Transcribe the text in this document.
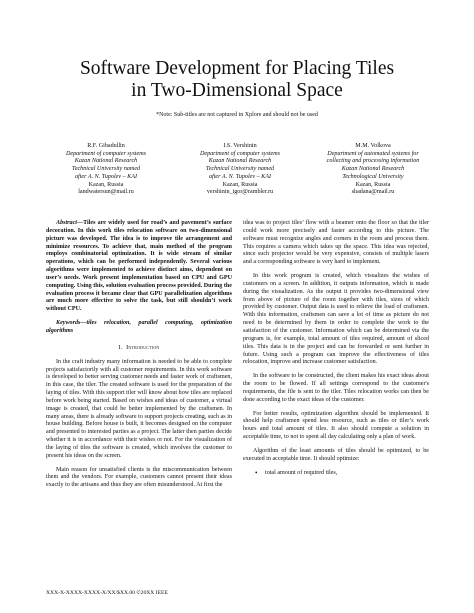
Software Development for Placing Tiles
in Two-Dimensional Space
*Note: Sub-titles are not captured in Xplore and should not be used
R.F. Gibadullin
Department of computer systems
Kazan National Research
Technical University named
after A. N. Tupolev – KAI
Kazan, Russia
landwatersun@mail.ru
I.S. Vershinin
Department of computer systems
Kazan National Research
Technical University named
after A. N. Tupolev – KAI
Kazan, Russia
vershinin_igor@rambler.ru
M.M. Volkova
Department of automated systems for
collecting and processing information
Kazan National Research
Technological University
Kazan, Russia
shadana@mail.ru

Abstract—Tiles are widely used for road’s and pavement’s surface decoration. In this work tiles relocation software on two-dimensional picture was developed. The idea is to improve tile arrangement and minimize resources. To achieve that, main method of the program employs combinatorial optimization. It is wide stream of similar operations, which can be performed independently. Several various algorithms were implemented to achieve distinct aims, dependent on user’s needs. Work present implementation based on CPU and GPU computing. Using this, solution evaluation process provided. During the evaluation process it became clear that GPU parallelization algorithms are much more effective to solve the task, but still shouldn’t work without CPU.

Keywords—tiles relocation, parallel computing, optimization algorithms

I. Introduction

In the craft industry many information is needed to be able to complete projects satisfactorily with all customer requirements. In this work software is developed to better serving customer needs and faster work of craftsmen, in this case, the tiler. The created software is used for the preparation of the laying of tiles. With this support tiler will know about how tiles are replaced before work being started. Based on wishes and ideas of customer, a virtual image is created, that could be better implemented by the craftsmen. In many areas, there is already software to support projects creating, such as in house building. Before house is built, it becomes designed on the computer and presented to interested parties as a project. The latter then parties decide whether it is in accordance with their wishes or not. For the visualization of the laying of tiles the software is created, which involves the customer to present his ideas on the screen.

Main reason for unsatisfied clients is the miscommunication between them and the vendors. For example, customers cannot present their ideas exactly to the artisans and thus they are often misunderstood. At first the

idea was to project tiles’ flow with a beamer onto the floor so that the tiler could work more precisely and faster according to this picture. The software must recognize angles and corners in the room and process them. This requires a camera which takes up the space. This idea was rejected, since such projector would be very expensive, consists of multiple lasers and a corresponding software is very hard to implement.

In this work program is created, which visualizes the wishes of customers on a screen. In addition, it outputs information, which is made during the visualization. As the output it provides two-dimensional view from above of picture of the room together with tiles, sizes of which provided by customer. Output data is used to relieve the load of craftsmen. With this information, craftsmen can save a lot of time as picture do not need to be determined by them in order to complete the work to the satisfaction of the customer. Information which can be determined via the program is, for example, total amount of tiles required, amount of sliced tiles. This data is in the project and can be forwarded or sent further in future. Using such a program can improve the effectiveness of tiles relocation, improve and increase customer satisfaction.

In the software to be constructed, the client makes his exact ideas about the room to be flowed. If all settings correspond to the customer's requirements, the file is sent to the tiler. Tiles relocation works can then be done according to the exact ideas of the customer.

For better results, optimization algorithm should be implemented. It should help craftsmen spend less resource, such as tiles or tiler’s work hours and total amount of tiles. It also should compute a solution in acceptable time, to not to spent all day calculating only a plan of work.

Algorithm of the least amounts of tiles should be optimized, to be executed in acceptable time. It should optimize:

•	total amount of required tiles,
XXX-X-XXXX-XXXX-X/XX/$XX.00 ©20XX IEEE
